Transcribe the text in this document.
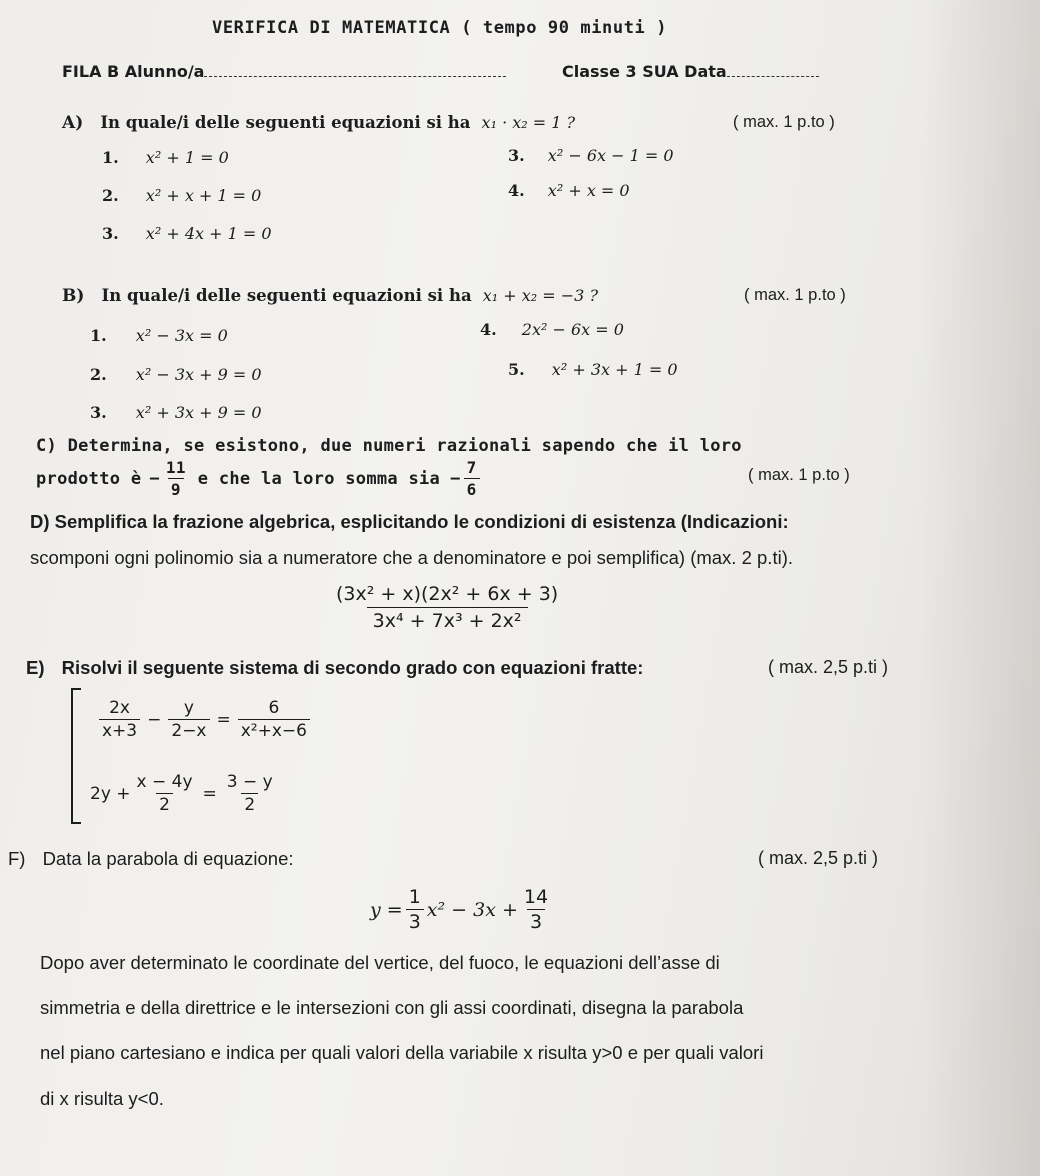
VERIFICA DI MATEMATICA ( tempo 90 minuti )
FILA B Alunno/a	Classe 3 SUA Data
A) In quale/i delle seguenti equazioni si ha x₁ · x₂ = 1 ?	( max. 1 p.to )
1. x² + 1 = 0
2. x² + x + 1 = 0
3. x² + 4x + 1 = 0
3. x² − 6x − 1 = 0
4. x² + x = 0
B) In quale/i delle seguenti equazioni si ha x₁ + x₂ = −3 ?	( max. 1 p.to )
1. x² − 3x = 0
2. x² − 3x + 9 = 0
3. x² + 3x + 9 = 0
4. 2x² − 6x = 0
5. x² + 3x + 1 = 0
C) Determina, se esistono, due numeri razionali sapendo che il loro
prodotto è − $\frac{11}{9}$ e che la loro somma sia − $\frac{7}{6}$	( max. 1 p.to )
D) Semplifica la frazione algebrica, esplicitando le condizioni di esistenza (Indicazioni:
scomponi ogni polinomio sia a numeratore che a denominatore e poi semplifica) (max. 2 p.ti).
$\frac{\text{(3x² + x)(2x² + 6x + 3)}}{\text{3x⁴ + 7x³ + 2x²}}$
E) Risolvi il seguente sistema di secondo grado con equazioni fratte:	( max. 2,5 p.ti )
$\frac{2x}{x+3} - \frac{y}{2-x} = \frac{6}{\text{x²+x−6}}$
$2y + \frac{x - 4y}{2} = \frac{3 - y}{2}$
F) Data la parabola di equazione:	( max. 2,5 p.ti )
$y = \frac{1}{3} x^2 - 3x + \frac{14}{3}$
Dopo aver determinato le coordinate del vertice, del fuoco, le equazioni dell’asse di
simmetria e della direttrice e le intersezioni con gli assi coordinati, disegna la parabola
nel piano cartesiano e indica per quali valori della variabile x risulta y>0 e per quali valori
di x risulta y<0.
